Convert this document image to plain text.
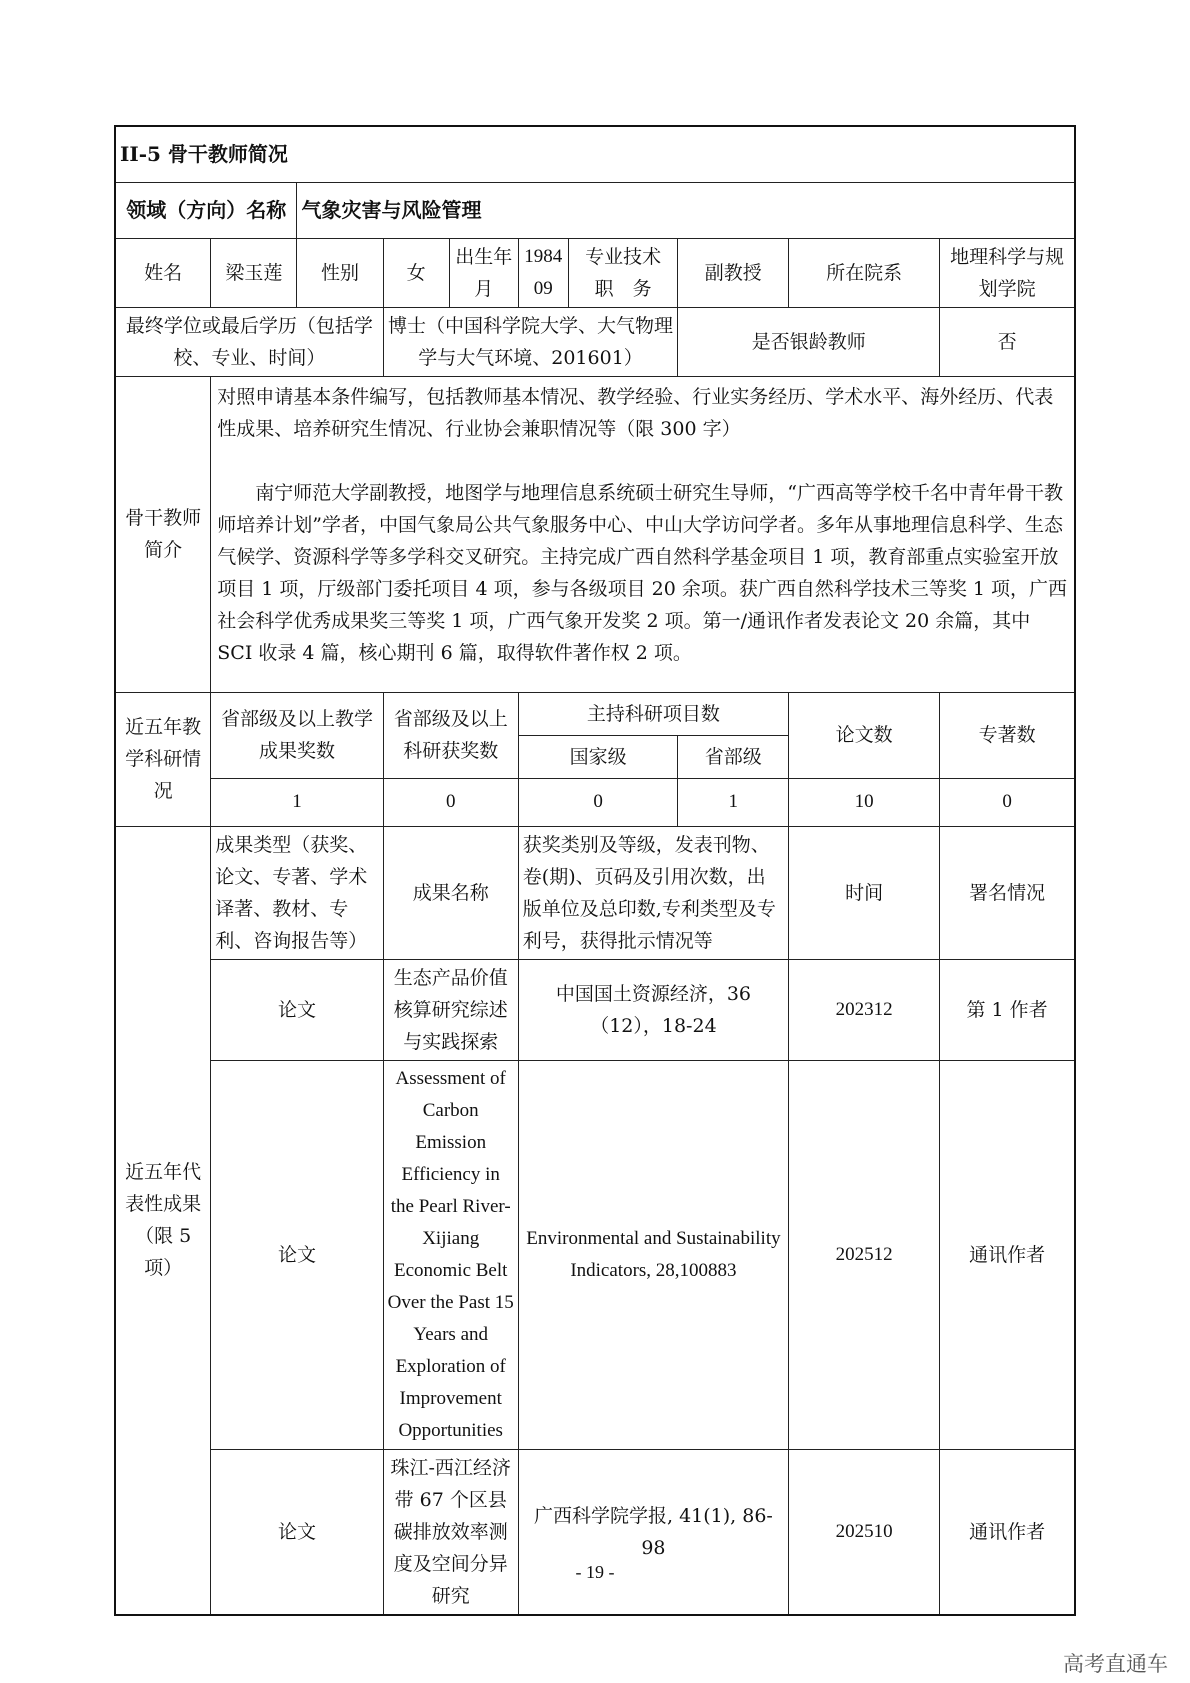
II-5 骨干教师简况									
领域（方向）名称		气象灾害与风险管理							
姓名	梁玉莲	性别	女	出生年月	1984 09	专业技术 职　务	副教授	所在院系	地理科学与规划学院
最终学位或最后学历（包括学校、专业、时间）			博士（中国科学院大学、大气物理学与大气环境、201601）				是否银龄教师		否
骨干教师简介	对照申请基本条件编写，包括教师基本情况、教学经验、行业实务经历、学术水平、海外经历、代表性成果、培养研究生情况、行业协会兼职情况等（限 300 字）

南宁师范大学副教授，地图学与地理信息系统硕士研究生导师，“广西高等学校千名中青年骨干教师培养计划”学者，中国气象局公共气象服务中心、中山大学访问学者。多年从事地理信息科学、生态气候学、资源科学等多学科交叉研究。主持完成广西自然科学基金项目 1 项，教育部重点实验室开放项目 1 项，厅级部门委托项目 4 项，参与各级项目 20 余项。获广西自然科学技术三等奖 1 项，广西社会科学优秀成果奖三等奖 1 项，广西气象开发奖 2 项。第一/通讯作者发表论文 20 余篇，其中 SCI 收录 4 篇，核心期刊 6 篇，取得软件著作权 2 项。								

近五年教学科研情况	省部级及以上教学成果奖数		省部级及以上科研获奖数		主持科研项目数			论文数	专著数
					国家级		省部级		
	1		0		0		1	10	0
近五年代表性成果（限 5 项）	成果类型（获奖、论文、专著、学术译著、教材、专利、咨询报告等）		成果名称		获奖类别及等级，发表刊物、卷(期)、页码及引用次数，出版单位及总印数,专利类型及专利号，获得批示情况等			时间	署名情况
	论文		生态产品价值核算研究综述与实践探索		中国国土资源经济，36（12），18-24			202312	第 1 作者
	论文		Assessment of Carbon Emission Efficiency in the Pearl River-Xijiang Economic Belt Over the Past 15 Years and Exploration of Improvement Opportunities		Environmental and Sustainability Indicators, 28,100883			202512	通讯作者
	论文		珠江-西江经济带 67 个区县碳排放效率测度及空间分异研究		广西科学院学报, 41(1), 86-98			202510	通讯作者
- 19 -
高考直通车
